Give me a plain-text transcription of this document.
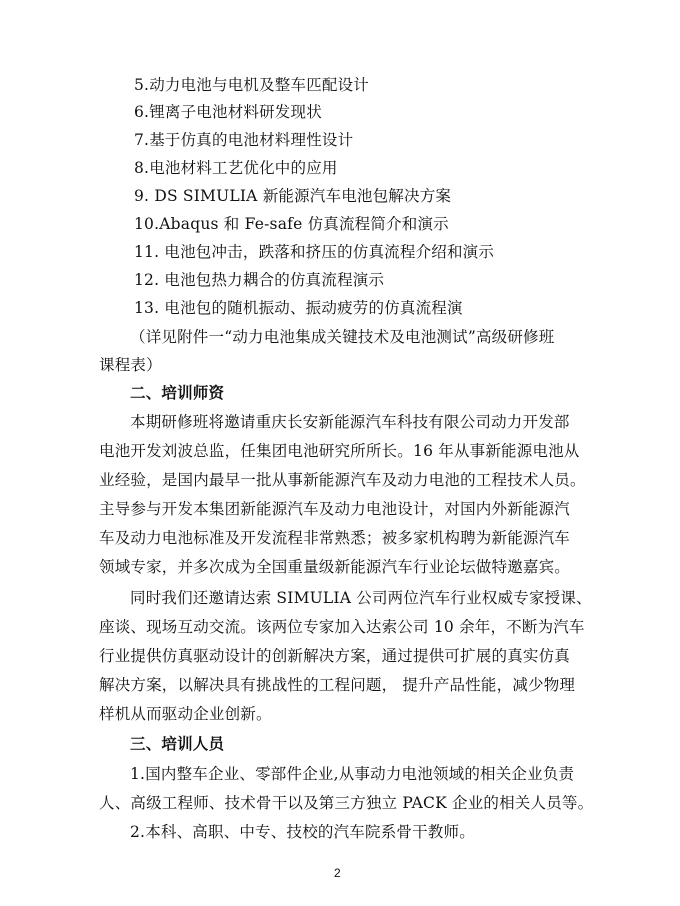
5.动力电池与电机及整车匹配设计
6.锂离子电池材料研发现状
7.基于仿真的电池材料理性设计
8.电池材料工艺优化中的应用
9. DS SIMULIA 新能源汽车电池包解决方案
10.Abaqus 和 Fe-safe 仿真流程简介和演示
11. 电池包冲击，跌落和挤压的仿真流程介绍和演示
12. 电池包热力耦合的仿真流程演示
13. 电池包的随机振动、振动疲劳的仿真流程演
（详见附件一“动力电池集成关键技术及电池测试”高级研修班
课程表）
二、培训师资
本期研修班将邀请重庆长安新能源汽车科技有限公司动力开发部
电池开发刘波总监，任集团电池研究所所长。16 年从事新能源电池从
业经验，是国内最早一批从事新能源汽车及动力电池的工程技术人员。
主导参与开发本集团新能源汽车及动力电池设计，对国内外新能源汽
车及动力电池标准及开发流程非常熟悉；被多家机构聘为新能源汽车
领域专家，并多次成为全国重量级新能源汽车行业论坛做特邀嘉宾。
同时我们还邀请达索 SIMULIA 公司两位汽车行业权威专家授课、
座谈、现场互动交流。该两位专家加入达索公司 10 余年，不断为汽车
行业提供仿真驱动设计的创新解决方案，通过提供可扩展的真实仿真
解决方案，以解决具有挑战性的工程问题， 提升产品性能，减少物理
样机从而驱动企业创新。
三、培训人员
1.国内整车企业、零部件企业,从事动力电池领域的相关企业负责
人、高级工程师、技术骨干以及第三方独立 PACK 企业的相关人员等。
2.本科、高职、中专、技校的汽车院系骨干教师。
2
